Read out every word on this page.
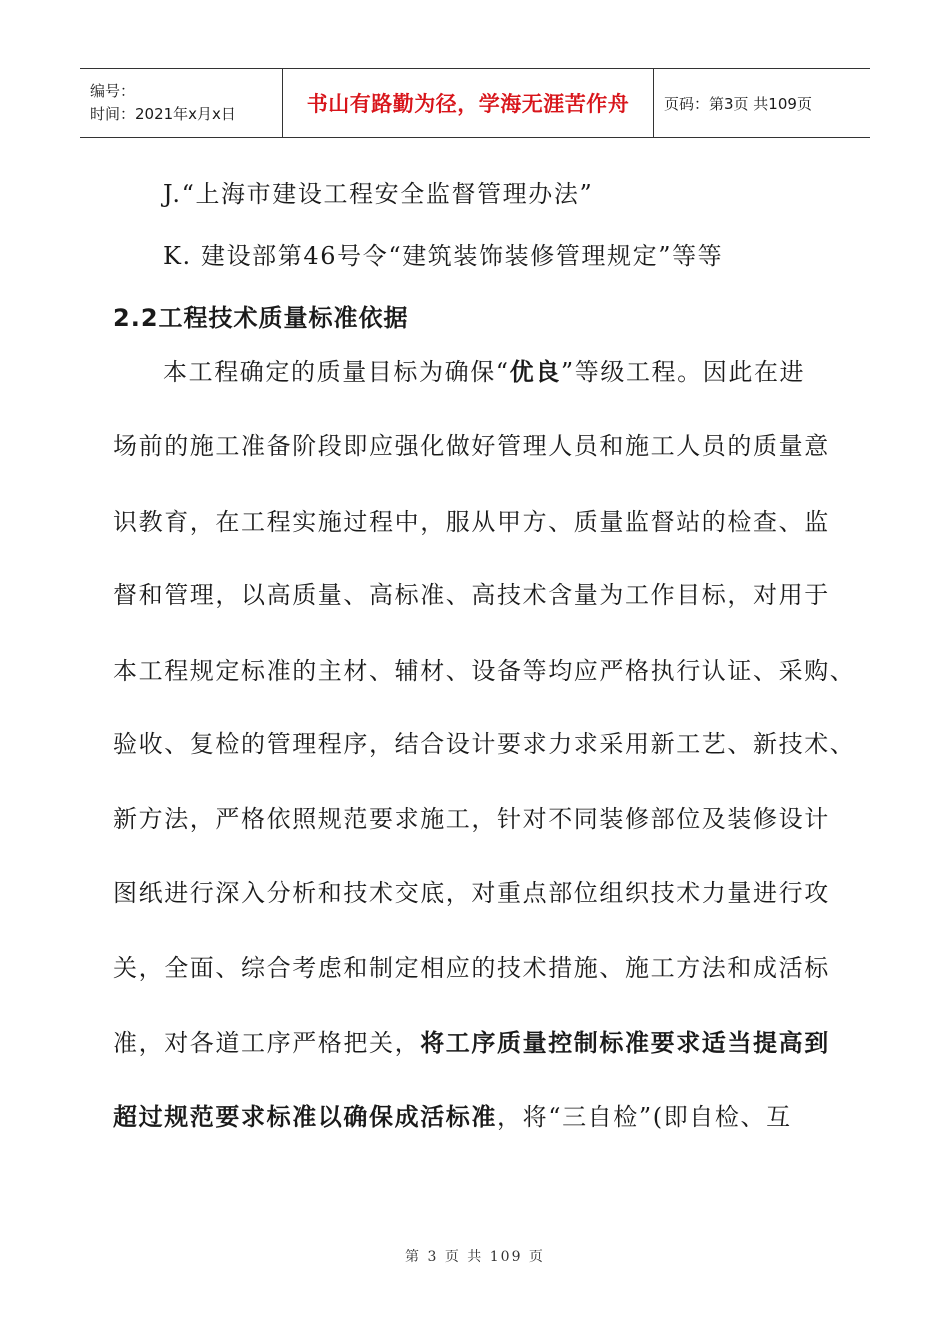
编号：
时间：2021年x月x日	书山有路勤为径，学海无涯苦作舟 页码：第3页 共109页
J.“上海市建设工程安全监督管理办法”
K. 建设部第46号令“建筑装饰装修管理规定”等等
2.2工程技术质量标准依据
本工程确定的质量目标为确保“优良”等级工程。因此在进
场前的施工准备阶段即应强化做好管理人员和施工人员的质量意
识教育，在工程实施过程中，服从甲方、质量监督站的检查、监
督和管理，以高质量、高标准、高技术含量为工作目标，对用于
本工程规定标准的主材、辅材、设备等均应严格执行认证、采购、
验收、复检的管理程序，结合设计要求力求采用新工艺、新技术、
新方法，严格依照规范要求施工，针对不同装修部位及装修设计
图纸进行深入分析和技术交底，对重点部位组织技术力量进行攻
关，全面、综合考虑和制定相应的技术措施、施工方法和成活标
准，对各道工序严格把关，将工序质量控制标准要求适当提高到
超过规范要求标准以确保成活标准，将“三自检”(即自检、互
第 3 页 共 109 页
